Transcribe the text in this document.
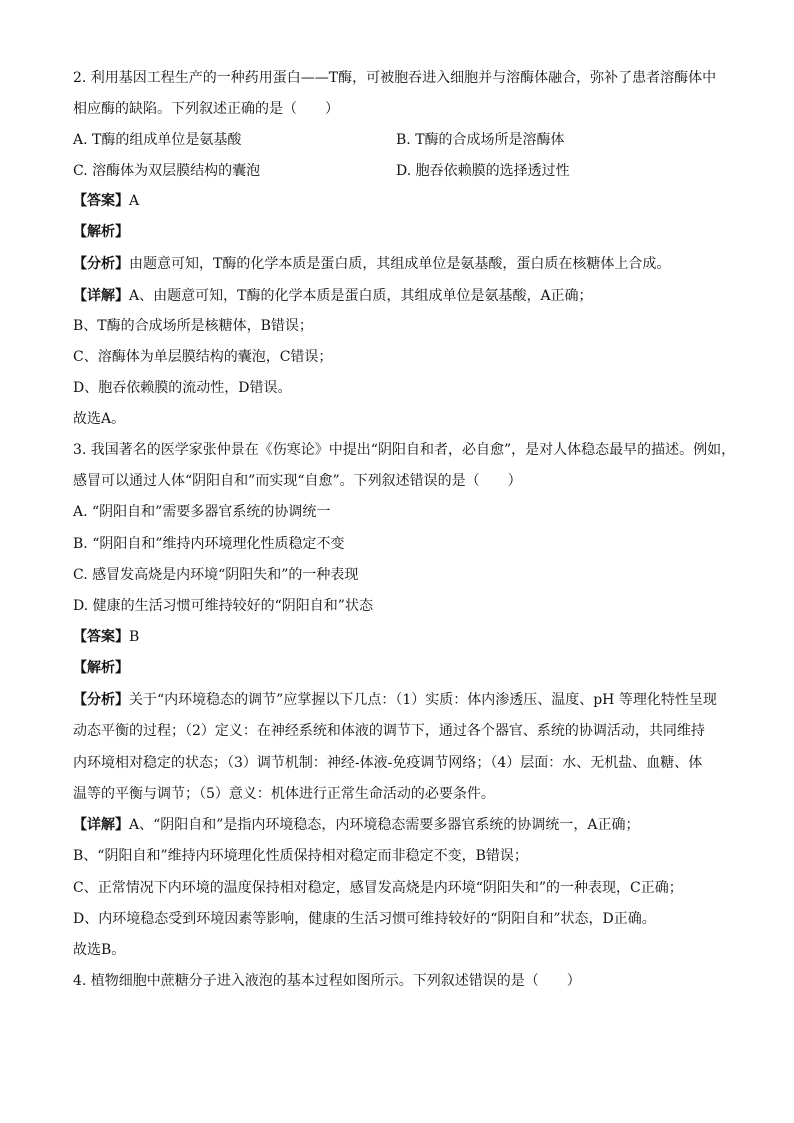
2. 利用基因工程生产的一种药用蛋白——T酶，可被胞吞进入细胞并与溶酶体融合，弥补了患者溶酶体中
相应酶的缺陷。下列叙述正确的是（　　）
A. T酶的组成单位是氨基酸	B. T酶的合成场所是溶酶体
C. 溶酶体为双层膜结构的囊泡	D. 胞吞依赖膜的选择透过性
【答案】A
【解析】
【分析】由题意可知，T酶的化学本质是蛋白质，其组成单位是氨基酸，蛋白质在核糖体上合成。
【详解】A、由题意可知，T酶的化学本质是蛋白质，其组成单位是氨基酸，A正确；
B、T酶的合成场所是核糖体，B错误；
C、溶酶体为单层膜结构的囊泡，C错误；
D、胞吞依赖膜的流动性，D错误。
故选A。
3. 我国著名的医学家张仲景在《伤寒论》中提出“阴阳自和者，必自愈”，是对人体稳态最早的描述。例如，
感冒可以通过人体“阴阳自和”而实现“自愈”。下列叙述错误的是（　　）
A. “阴阳自和”需要多器官系统的协调统一
B. “阴阳自和”维持内环境理化性质稳定不变
C. 感冒发高烧是内环境“阴阳失和”的一种表现
D. 健康的生活习惯可维持较好的“阴阳自和”状态
【答案】B
【解析】
【分析】关于“内环境稳态的调节”应掌握以下几点：（1）实质：体内渗透压、温度、pH 等理化特性呈现
动态平衡的过程；（2）定义：在神经系统和体液的调节下，通过各个器官、系统的协调活动，共同维持
内环境相对稳定的状态；（3）调节机制：神经-体液-免疫调节网络；（4）层面：水、无机盐、血糖、体
温等的平衡与调节；（5）意义：机体进行正常生命活动的必要条件。
【详解】A、“阴阳自和”是指内环境稳态，内环境稳态需要多器官系统的协调统一，A正确；
B、“阴阳自和”维持内环境理化性质保持相对稳定而非稳定不变，B错误；
C、正常情况下内环境的温度保持相对稳定，感冒发高烧是内环境“阴阳失和”的一种表现，C正确；
D、内环境稳态受到环境因素等影响，健康的生活习惯可维持较好的“阴阳自和”状态，D正确。
故选B。
4. 植物细胞中蔗糖分子进入液泡的基本过程如图所示。下列叙述错误的是（　　）
